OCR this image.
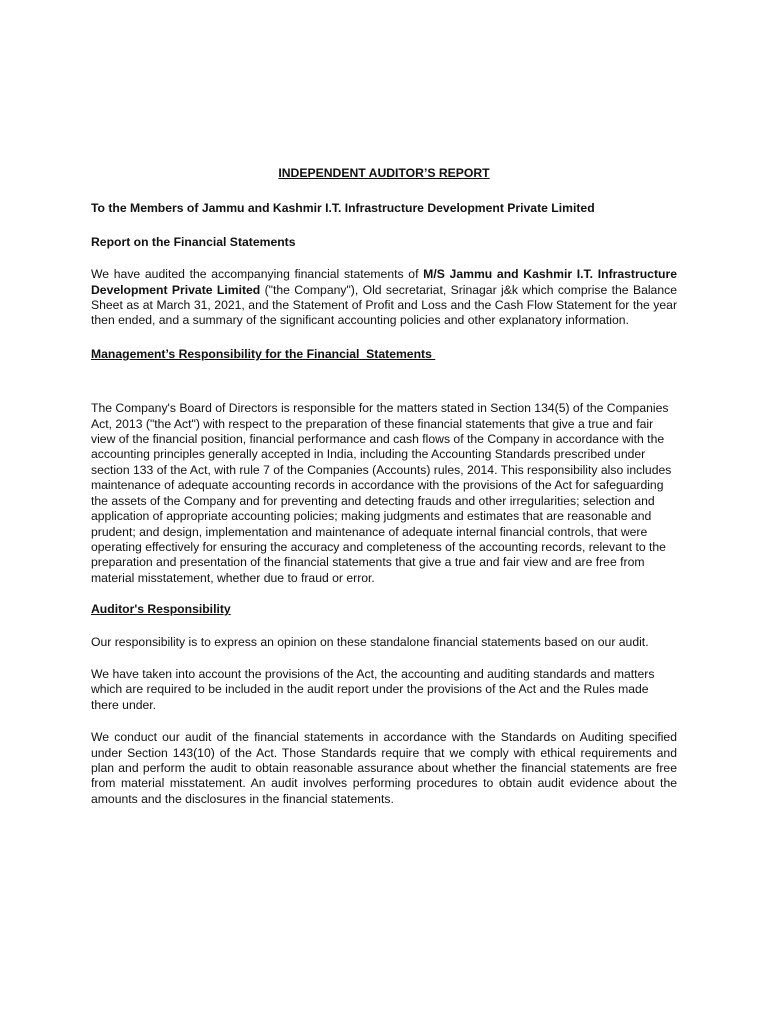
INDEPENDENT AUDITOR’S REPORT
To the Members of Jammu and Kashmir I.T. Infrastructure Development Private Limited
Report on the Financial Statements

We have audited the accompanying financial statements of M/S Jammu and Kashmir I.T. Infrastructure Development Private Limited ("the Company"), Old secretariat, Srinagar j&k which comprise the Balance Sheet as at March 31, 2021, and the Statement of Profit and Loss and the Cash Flow Statement for the year then ended, and a summary of the significant accounting policies and other explanatory information.

Management’s Responsibility for the Financial  Statements

The Company's Board of Directors is responsible for the matters stated in Section 134(5) of the Companies Act, 2013 ("the Act") with respect to the preparation of these financial statements that give a true and fair view of the financial position, financial performance and cash flows of the Company in accordance with the accounting principles generally accepted in India, including the Accounting Standards prescribed under section 133 of the Act, with rule 7 of the Companies (Accounts) rules, 2014. This responsibility also includes maintenance of adequate accounting records in accordance with the provisions of the Act for safeguarding the assets of the Company and for preventing and detecting frauds and other irregularities; selection and application of appropriate accounting policies; making judgments and estimates that are reasonable and prudent; and design, implementation and maintenance of adequate internal financial controls, that were operating effectively for ensuring the accuracy and completeness of the accounting records, relevant to the preparation and presentation of the financial statements that give a true and fair view and are free from material misstatement, whether due to fraud or error.

Auditor's Responsibility

Our responsibility is to express an opinion on these standalone financial statements based on our audit.

We have taken into account the provisions of the Act, the accounting and auditing standards and matters which are required to be included in the audit report under the provisions of the Act and the Rules made there under.

We conduct our audit of the financial statements in accordance with the Standards on Auditing specified under Section 143(10) of the Act. Those Standards require that we comply with ethical requirements and plan and perform the audit to obtain reasonable assurance about whether the financial statements are free from material misstatement. An audit involves performing procedures to obtain audit evidence about the amounts and the disclosures in the financial statements.
